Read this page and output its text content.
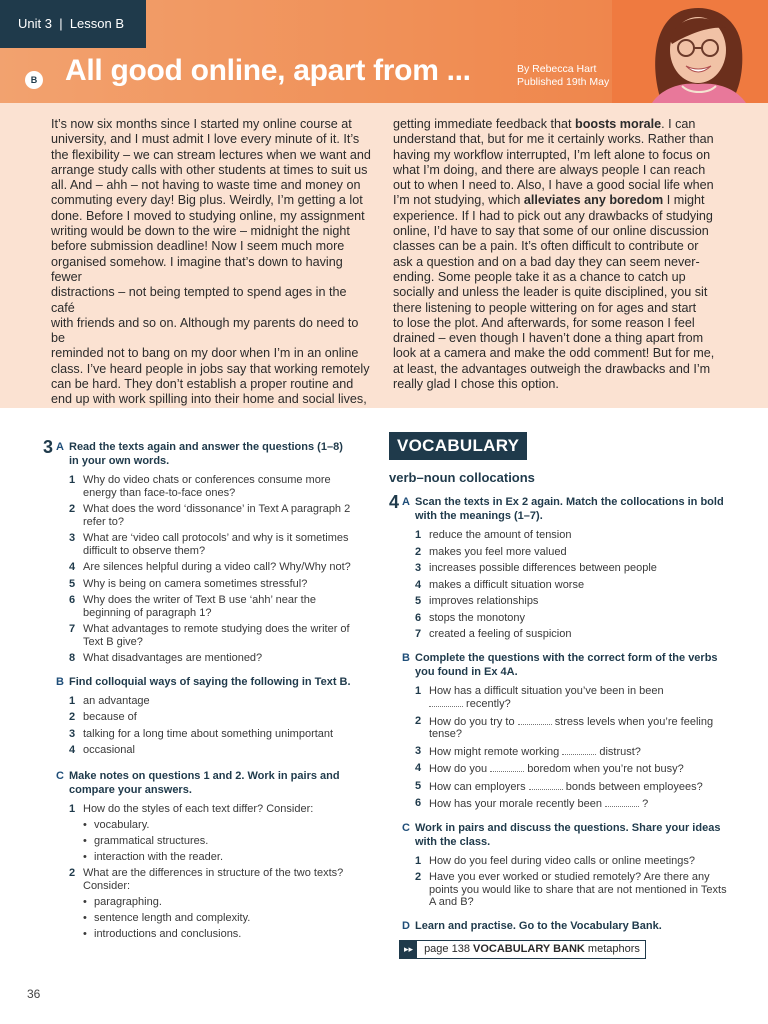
Unit 3  |  Lesson B
B All good online, apart from ...	By Rebecca Hart
Published 19th May

It’s now six months since I started my online course at

university, and I must admit I love every minute of it. It’s

the flexibility – we can stream lectures when we want and

arrange study calls with other students at times to suit us

all. And – ahh – not having to waste time and money on

commuting every day! Big plus. Weirdly, I’m getting a lot

done. Before I moved to studying online, my assignment

writing would be down to the wire – midnight the night

before submission deadline! Now I seem much more

organised somehow. I imagine that’s down to having fewer

distractions – not being tempted to spend ages in the café

with friends and so on. Although my parents do need to be

reminded not to bang on my door when I’m in an online

class. I’ve heard people in jobs say that working remotely

can be hard. They don’t establish a proper routine and

end up with work spilling into their home and social lives,

getting immediate feedback that boosts morale. I can

understand that, but for me it certainly works. Rather than

having my workflow interrupted, I’m left alone to focus on

what I’m doing, and there are always people I can reach

out to when I need to. Also, I have a good social life when

I’m not studying, which alleviates any boredom I might

experience. If I had to pick out any drawbacks of studying

online, I’d have to say that some of our online discussion

classes can be a pain. It’s often difficult to contribute or

ask a question and on a bad day they can seem never-

ending. Some people take it as a chance to catch up

socially and unless the leader is quite disciplined, you sit

there listening to people wittering on for ages and start

to lose the plot. And afterwards, for some reason I feel

drained – even though I haven’t done a thing apart from

look at a camera and make the odd comment! But for me,

at least, the advantages outweigh the drawbacks and I’m

really glad I chose this option.

3 A Read the texts again and answer the questions (1–8) in your own words.
1 Why do video chats or conferences consume more energy than face-to-face ones?
2 What does the word ‘dissonance’ in Text A paragraph 2 refer to?
3 What are ‘video call protocols’ and why is it sometimes difficult to observe them?
4 Are silences helpful during a video call? Why/Why not?
5 Why is being on camera sometimes stressful?
6 Why does the writer of Text B use ‘ahh’ near the beginning of paragraph 1?
7 What advantages to remote studying does the writer of Text B give?
8 What disadvantages are mentioned?
B Find colloquial ways of saying the following in Text B.
1 an advantage
2 because of
3 talking for a long time about something unimportant
4 occasional
C Make notes on questions 1 and 2. Work in pairs and compare your answers.
1 How do the styles of each text differ? Consider:
• vocabulary.
• grammatical structures.
• interaction with the reader.
2 What are the differences in structure of the two texts? Consider:
• paragraphing.
• sentence length and complexity.
• introductions and conclusions.
VOCABULARY
verb–noun collocations
4 A Scan the texts in Ex 2 again. Match the collocations in bold with the meanings (1–7).
1 reduce the amount of tension
2 makes you feel more valued
3 increases possible differences between people
4 makes a difficult situation worse
5 improves relationships
6 stops the monotony
7 created a feeling of suspicion
B Complete the questions with the correct form of the verbs you found in Ex 4A.
1 How has a difficult situation you’ve been in been
recently?
2 How do you try to	stress levels when you’re feeling tense?
3 How might remote working	distrust?
4 How do you	boredom when you’re not busy?
5 How can employers	bonds between employees?
6 How has your morale recently been	?
C Work in pairs and discuss the questions. Share your ideas with the class.
1 How do you feel during video calls or online meetings?
2 Have you ever worked or studied remotely? Are there any points you would like to share that are not mentioned in Texts A and B?
D Learn and practise. Go to the Vocabulary Bank.
▸▸ page 138 VOCABULARY BANK metaphors
36
